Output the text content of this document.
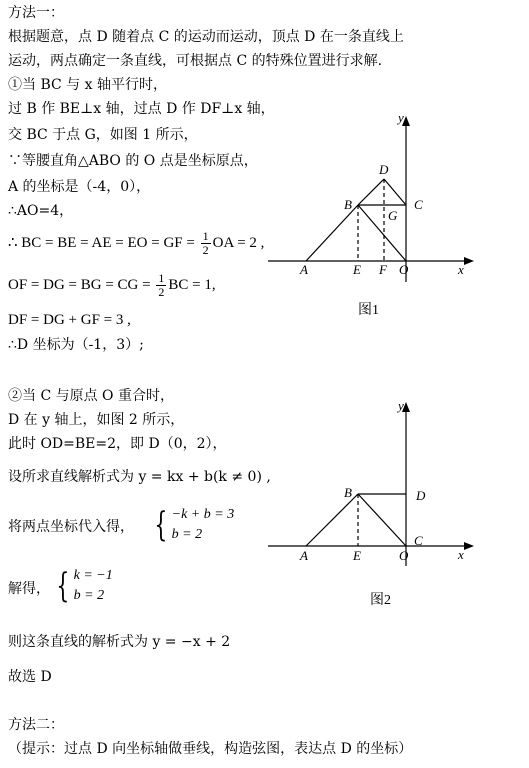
方法一：
根据题意，点 D 随着点 C 的运动而运动，顶点 D 在一条直线上
运动，两点确定一条直线，可根据点 C 的特殊位置进行求解.
①当 BC 与 x 轴平行时，
过 B 作 BE⊥x 轴，过点 D 作 DF⊥x 轴，
交 BC 于点 G，如图 1 所示，
∵等腰直角△ABO 的 O 点是坐标原点，
A 的坐标是（-4，0），
∴AO=4，
∴ BC = BE = AE = EO = GF = $\frac{1}{2}$ OA = 2 ,
OF = DG = BG = CG = $\frac{1}{2}$ BC = 1,
DF = DG + GF = 3 ,
∴D 坐标为（-1，3）;
②当 C 与原点 O 重合时，
D 在 y 轴上，如图 2 所示，
此时 OD=BE=2，即 D（0，2），
设所求直线解析式为 y = kx + b(k ≠ 0) ,
将两点坐标代入得， { −k + b = 3
b = 2
解得， { k = −1
b = 2
则这条直线的解析式为 y = −x + 2
故选 D
方法二：
（提示：过点 D 向坐标轴做垂线，构造弦图，表达点 D 的坐标）
y
x
D
B	C
G
A	E F O
图1
y
x
B	D
A	E	O
C
图2
